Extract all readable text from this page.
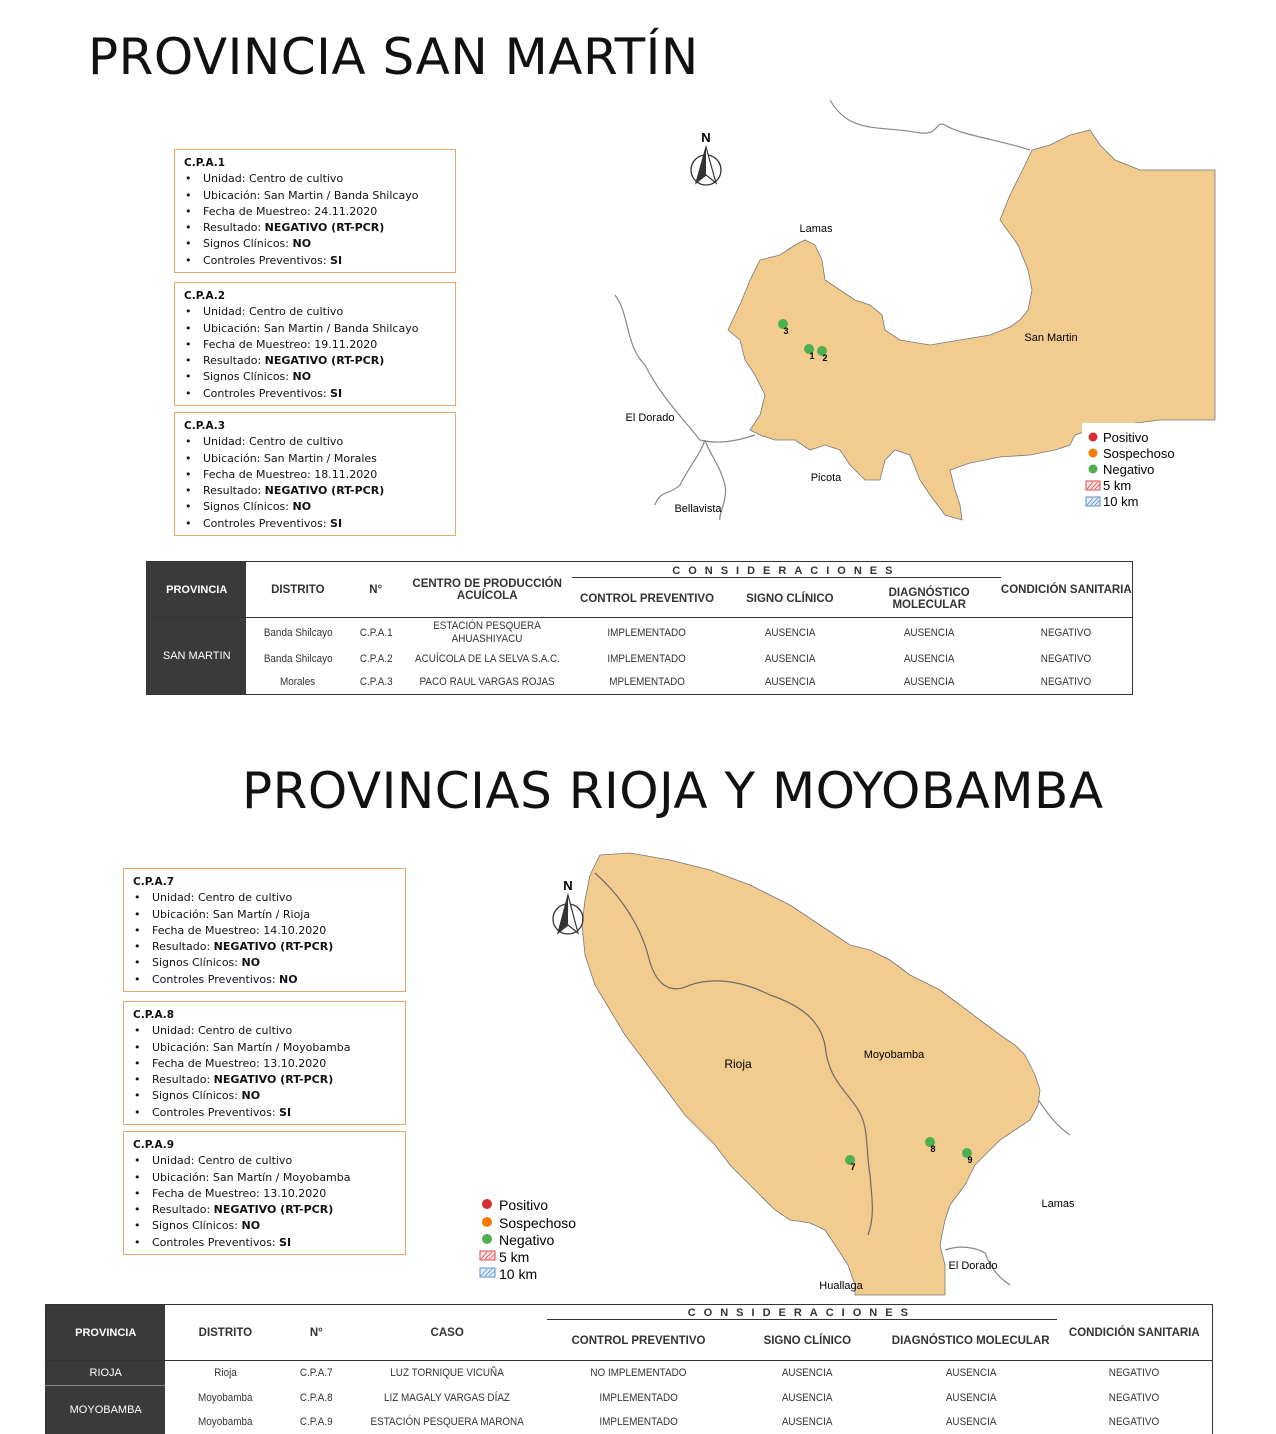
PROVINCIA SAN MARTÍN
C.P.A.1
• Unidad: Centro de cultivo
• Ubicación: San Martin / Banda Shilcayo
• Fecha de Muestreo: 24.11.2020
• Resultado: NEGATIVO (RT-PCR)
• Signos Clínicos: NO
• Controles Preventivos: SI
C.P.A.2
• Unidad: Centro de cultivo
• Ubicación: San Martin / Banda Shilcayo
• Fecha de Muestreo: 19.11.2020
• Resultado: NEGATIVO (RT-PCR)
• Signos Clínicos: NO
• Controles Preventivos: SI
C.P.A.3
• Unidad: Centro de cultivo
• Ubicación: San Martin / Morales
• Fecha de Muestreo: 18.11.2020
• Resultado: NEGATIVO (RT-PCR)
• Signos Clínicos: NO
• Controles Preventivos: SI
N
Lamas
San Martin
El Dorado
Picota
Bellavista
3
1 2
Positivo
Sospechoso
Negativo
5 km
10 km
PROVINCIA	DISTRITO	N°	CENTRO DE PRODUCCIÓN ACUÍCOLA	CONSIDERACIONES			CONDICIÓN SANITARIA
				CONTROL PREVENTIVO	SIGNO CLÍNICO	DIAGNÓSTICO MOLECULAR	
SAN MARTIN	Banda Shilcayo	C.P.A.1	ESTACIÓN PESQUERA AHUASHIYACU	IMPLEMENTADO	AUSENCIA	AUSENCIA	NEGATIVO
	Banda Shilcayo	C.P.A.2	ACUÍCOLA DE LA SELVA S.A.C.	IMPLEMENTADO	AUSENCIA	AUSENCIA	NEGATIVO
	Morales	C.P.A.3	PACO RAUL VARGAS ROJAS	MPLEMENTADO	AUSENCIA	AUSENCIA	NEGATIVO
PROVINCIAS RIOJA Y MOYOBAMBA
C.P.A.7
• Unidad: Centro de cultivo
• Ubicación: San Martín / Rioja
• Fecha de Muestreo: 14.10.2020
• Resultado: NEGATIVO (RT-PCR)
• Signos Clínicos: NO
• Controles Preventivos: NO
C.P.A.8
• Unidad: Centro de cultivo
• Ubicación: San Martín / Moyobamba
• Fecha de Muestreo: 13.10.2020
• Resultado: NEGATIVO (RT-PCR)
• Signos Clínicos: NO
• Controles Preventivos: SI
C.P.A.9
• Unidad: Centro de cultivo
• Ubicación: San Martín / Moyobamba
• Fecha de Muestreo: 13.10.2020
• Resultado: NEGATIVO (RT-PCR)
• Signos Clínicos: NO
• Controles Preventivos: SI
N
Rioja
Moyobamba
Lamas
El Dorado
Huallaga
7
8
9
Positivo
Sospechoso
Negativo
5 km
10 km
PROVINCIA	DISTRITO	N°	CASO	CONSIDERACIONES			CONDICIÓN SANITARIA
				CONTROL PREVENTIVO	SIGNO CLÍNICO	DIAGNÓSTICO MOLECULAR	
RIOJA	Rioja	C.P.A.7	LUZ TORNIQUE VICUÑA	NO IMPLEMENTADO	AUSENCIA	AUSENCIA	NEGATIVO
MOYOBAMBA	Moyobamba	C.P.A.8	LIZ MAGALY VARGAS DÍAZ	IMPLEMENTADO	AUSENCIA	AUSENCIA	NEGATIVO
	Moyobamba	C.P.A.9	ESTACIÓN PESQUERA MARONA	IMPLEMENTADO	AUSENCIA	AUSENCIA	NEGATIVO
